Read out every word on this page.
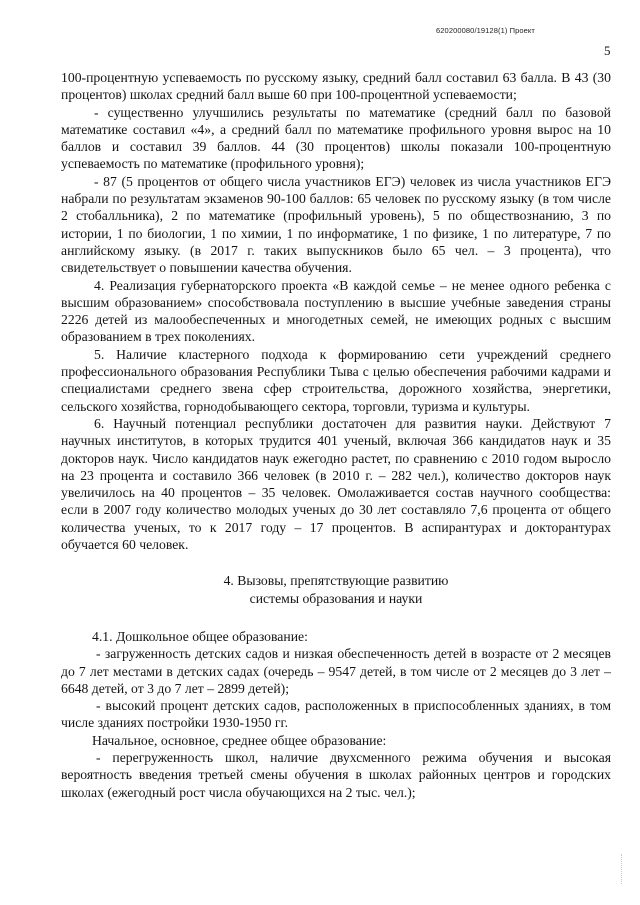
620200080/19128(1) Проект
5

100-процентную успеваемость по русскому языку, средний балл составил 63 балла. В 43 (30 процентов) школах средний балл выше 60 при 100-процентной успеваемости;

- существенно улучшились результаты по математике (средний балл по базовой математике составил «4», а средний балл по математике профильного уровня вырос на 10 баллов и составил 39 баллов. 44 (30 процентов) школы показали 100-процентную успеваемость по математике (профильного уровня);

- 87 (5 процентов от общего числа участников ЕГЭ) человек из числа участников ЕГЭ набрали по результатам экзаменов 90-100 баллов: 65 человек по русскому языку (в том числе 2 стобалльника), 2 по математике (профильный уровень), 5 по обществознанию, 3 по истории, 1 по биологии, 1 по химии, 1 по информатике, 1 по физике, 1 по литературе, 7 по английскому языку. (в 2017 г. таких выпускников было 65 чел. – 3 процента), что свидетельствует о повышении качества обучения.

4. Реализация губернаторского проекта «В каждой семье – не менее одного ребенка с высшим образованием» способствовала поступлению в высшие учебные заведения страны 2226 детей из малообеспеченных и многодетных семей, не имеющих родных с высшим образованием в трех поколениях.

5. Наличие кластерного подхода к формированию сети учреждений среднего профессионального образования Республики Тыва с целью обеспечения рабочими кадрами и специалистами среднего звена сфер строительства, дорожного хозяйства, энергетики, сельского хозяйства, горнодобывающего сектора, торговли, туризма и культуры.

6. Научный потенциал республики достаточен для развития науки. Действуют 7 научных институтов, в которых трудится 401 ученый, включая 366 кандидатов наук и 35 докторов наук. Число кандидатов наук ежегодно растет, по сравнению с 2010 годом выросло на 23 процента и составило 366 человек (в 2010 г. – 282 чел.), количество докторов наук увеличилось на 40 процентов – 35 человек. Омолаживается состав научного сообщества: если в 2007 году количество молодых ученых до 30 лет составляло 7,6 процента от общего количества ученых, то к 2017 году – 17 процентов. В аспирантурах и докторантурах обучается 60 человек.

4. Вызовы, препятствующие развитию
системы образования и науки

4.1. Дошкольное общее образование:

- загруженность детских садов и низкая обеспеченность детей в возрасте от 2 месяцев до 7 лет местами в детских садах (очередь – 9547 детей, в том числе от 2 месяцев до 3 лет – 6648 детей, от 3 до 7 лет – 2899 детей);

- высокий процент детских садов, расположенных в приспособленных зданиях, в том числе зданиях постройки 1930-1950 гг.

Начальное, основное, среднее общее образование:

- перегруженность школ, наличие двухсменного режима обучения и высокая вероятность введения третьей смены обучения в школах районных центров и городских школах (ежегодный рост числа обучающихся на 2 тыс. чел.);
